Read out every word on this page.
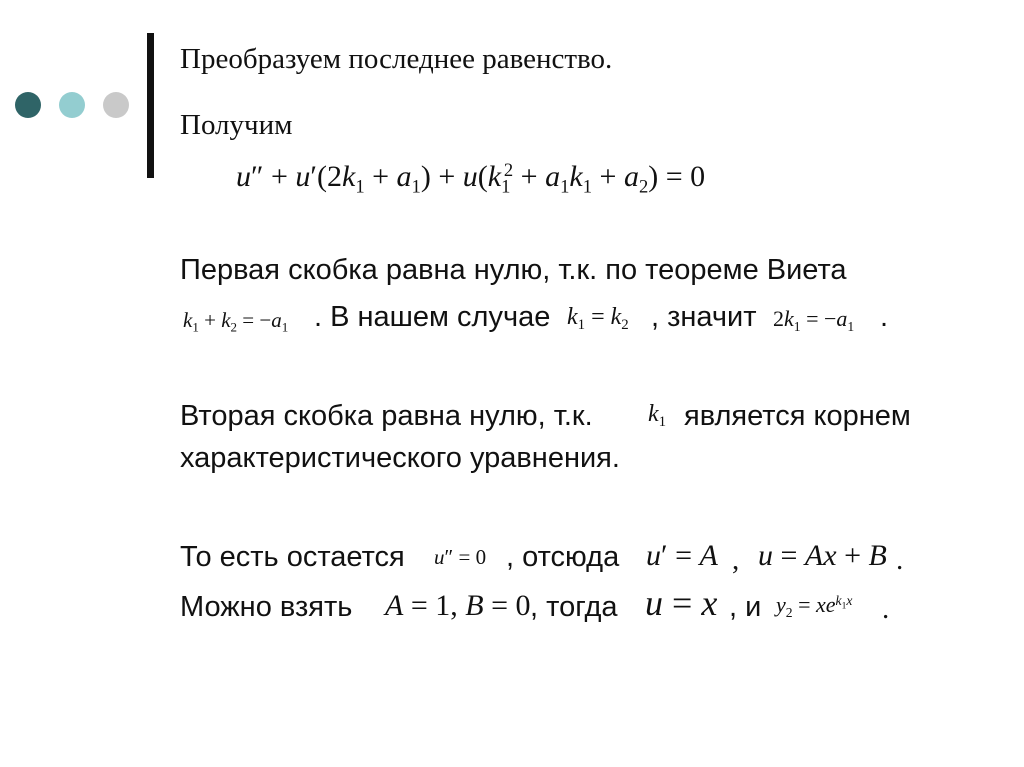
Преобразуем последнее равенство.
Получим
$u'' + u'(2k_1 + a_1) + u(k_1^2 + a_1k_1 + a_2) = 0$
Первая скобка равна нулю, т.к. по теореме Виета
$k_1 + k_2 = -a_1$ . В нашем случае $k_1 = k_2$ , значит $2k_1 = -a_1$ .
Вторая скобка равна нулю, т.к. $k_1$ является корнем
характеристического уравнения.
То есть остается u″ = 0 , отсюда u′ = A , u = Ax + B .
Можно взять A = 1, B = 0 , тогда u = x , и $y_2 = xe^{k_1x}$ .
